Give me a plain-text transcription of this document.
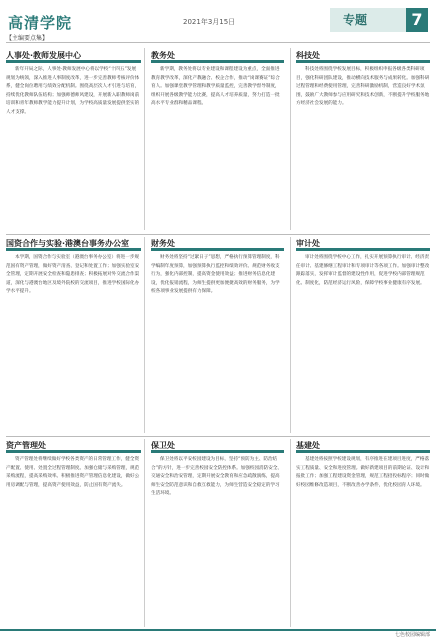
高清学院	2021年3月15日	专题	7
【主编要点集】
人事处·教师发展中心

新年开局之际，人事处·教师发展中心将以学校“十四五”发展规划为统领，深入推进人事制度改革，进一步完善教师考核评价体系，健全岗位聘用与绩效分配机制。围绕高层次人才引进与培育，持续优化教师队伍结构；加强师德师风建设，开展新入职教师岗前培训和青年教师教学能力提升计划，为学校高质量发展提供坚实的人才支撑。

教务处

新学期，教务处将以专业建设和课程建设为重点，全面推进教育教学改革，深化产教融合、校企合作，推动“岗课赛证”综合育人。加强课堂教学管理和教学质量监控，完善教学督导制度，组织开展各级教学能力比赛，提高人才培养质量，努力打造一批高水平专业群和精品课程。

科技处

科技处将围绕学校发展目标，积极组织申报各级各类科研项目，强化科研团队建设，推动横向技术服务与成果转化。加强科研过程管理和经费使用管理，完善科研激励机制，营造良好学术氛围，鼓励广大教师参与应用研究和技术创新，不断提升学校服务地方经济社会发展的能力。

国资合作与实验·港澳台事务办公室

本学期，国资合作与实验室（港澳台事务办公室）将进一步规范国有资产管理，做好资产清查、登记和处置工作；加强实验室安全管理，定期开展安全检查和隐患排查；积极拓展对外交流合作渠道，深化与港澳台地区及境外院校的交流项目，推进学校国际化办学水平提升。

财务处

财务处将坚持“过紧日子”思想，严格执行预算管理制度，科学编制年度预算，加强预算执行监控和绩效评价。规范财务收支行为，强化内部控制，提高资金使用效益；推进财务信息化建设，优化报销流程，为师生提供更加便捷高效的财务服务，为学校各项事业发展提供有力保障。

审计处

审计处将围绕学校中心工作，扎实开展预算执行审计、经济责任审计、基建修缮工程审计和专项审计等各项工作。加强审计整改跟踪落实，发挥审计监督的建设性作用，促进学校内部管理规范化、制度化，防范经济运行风险，保障学校事业健康有序发展。

资产管理处

资产管理处将继续做好学校各类资产的日常管理工作，健全资产配置、使用、处置全过程管理制度。加强仓储与采购管理，规范采购流程，提高采购效率。积极推进资产管理信息化建设，做好公用房调配与管理，提高资产使用效益，防止国有资产流失。

保卫处

保卫处将以平安校园建设为目标，坚持“预防为主、防治结合”的方针，进一步完善校园安全防控体系。加强校园消防安全、交通安全和治安管理，定期开展安全教育和应急疏散演练，提高师生安全防范意识和自救互救能力，为师生营造安全稳定的学习生活环境。

基建处

基建处将按照学校建设规划，有序推进在建项目进度，严格落实工程质量、安全和进度管理。做好新建项目的前期论证、设计和报批工作；加强工程建设资金管理，规范工程招投标程序；同时做好校园维修改造项目，不断改善办学条件，优化校园育人环境。

七色校园编辑部
